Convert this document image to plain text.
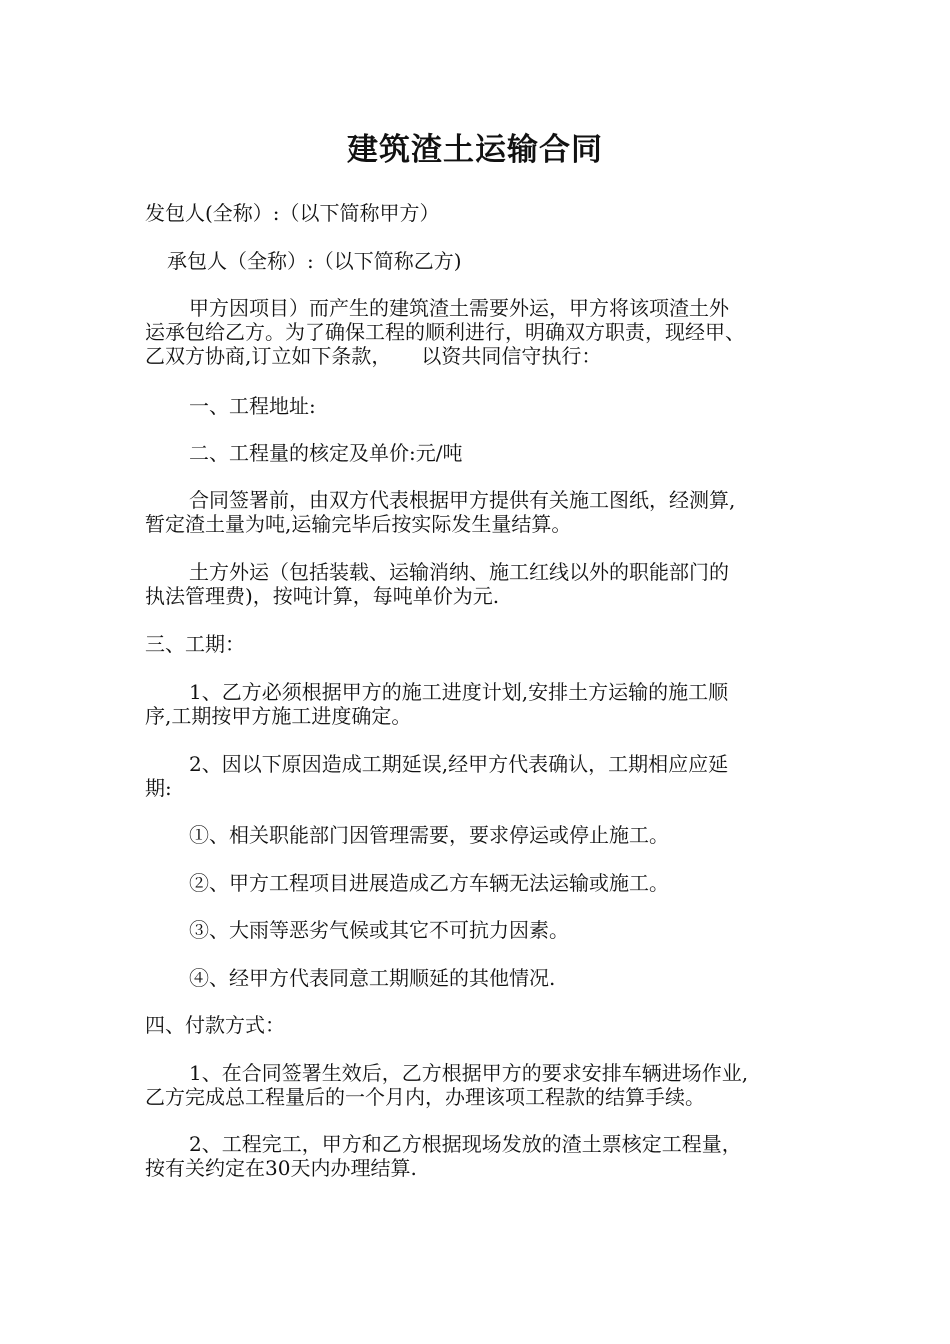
建筑渣土运输合同
发包人(全称）:（以下简称甲方）
承包人（全称）:（以下简称乙方)
甲方因项目）而产生的建筑渣土需要外运，甲方将该项渣土外
运承包给乙方。为了确保工程的顺利进行，明确双方职责，现经甲、
乙双方协商,订立如下条款，　　以资共同信守执行：
一、工程地址:
二、工程量的核定及单价:元/吨
合同签署前，由双方代表根据甲方提供有关施工图纸，经测算,
暂定渣土量为吨,运输完毕后按实际发生量结算。
土方外运（包括装载、运输消纳、施工红线以外的职能部门的
执法管理费)，按吨计算，每吨单价为元.
三、工期：
1、乙方必须根据甲方的施工进度计划,安排土方运输的施工顺
序,工期按甲方施工进度确定。
2、因以下原因造成工期延误,经甲方代表确认，工期相应应延
期:
①、相关职能部门因管理需要，要求停运或停止施工。
②、甲方工程项目进展造成乙方车辆无法运输或施工。
③、大雨等恶劣气候或其它不可抗力因素。
④、经甲方代表同意工期顺延的其他情况.
四、付款方式：
1、在合同签署生效后，乙方根据甲方的要求安排车辆进场作业,
乙方完成总工程量后的一个月内，办理该项工程款的结算手续。
2、工程完工，甲方和乙方根据现场发放的渣土票核定工程量，
按有关约定在30天内办理结算.
